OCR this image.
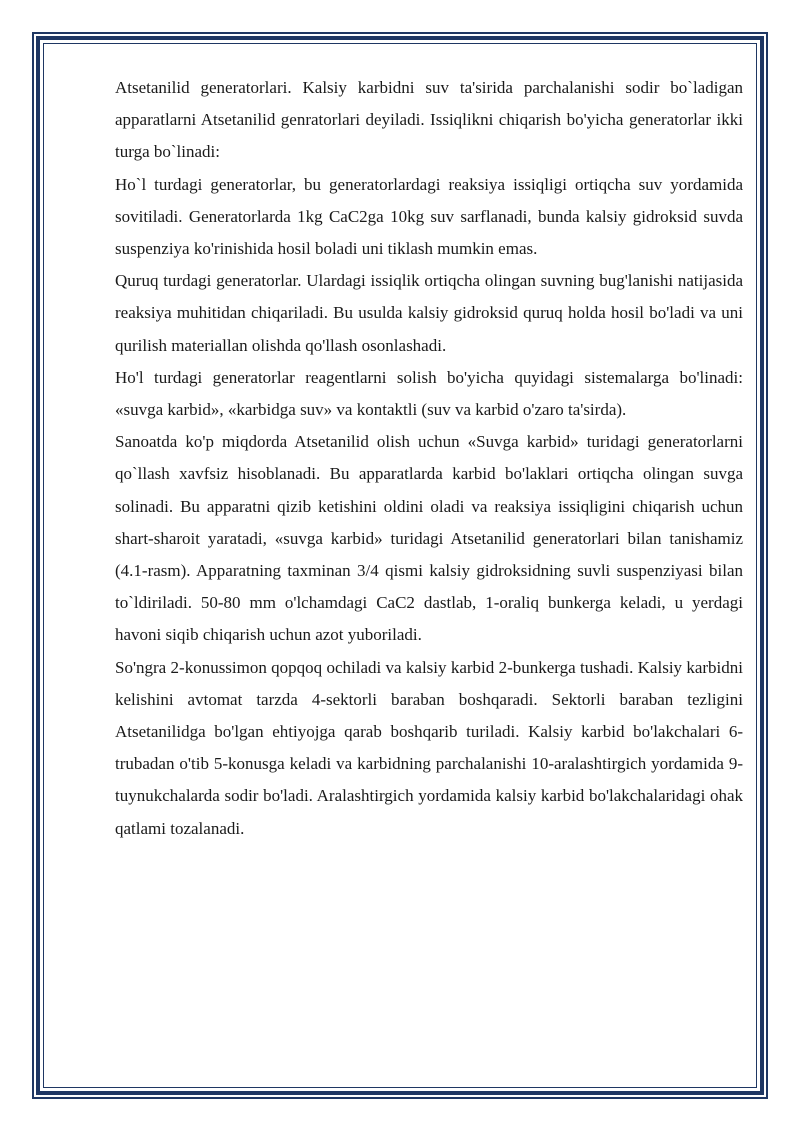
Atsetanilid generatorlari. Kalsiy karbidni suv ta'sirida parchalanishi sodir bo`ladigan apparatlarni Atsetanilid genratorlari deyiladi. Issiqlikni chiqarish bo'yicha generatorlar ikki turga bo`linadi:

Ho`l turdagi generatorlar, bu generatorlardagi reaksiya issiqligi ortiqcha suv yordamida sovitiladi. Generatorlarda 1kg CaC2ga 10kg suv sarflanadi, bunda kalsiy gidroksid suvda suspenziya ko'rinishida hosil boladi uni tiklash mumkin emas.

Quruq turdagi generatorlar. Ulardagi issiqlik ortiqcha olingan suvning bug'lanishi natijasida reaksiya muhitidan chiqariladi. Bu usulda kalsiy gidroksid quruq holda hosil bo'ladi va uni qurilish materiallan olishda qo'llash osonlashadi.

Ho'l turdagi generatorlar reagentlarni solish bo'yicha quyidagi sistemalarga bo'linadi: «suvga karbid», «karbidga suv» va kontaktli (suv va karbid o'zaro ta'sirda).

Sanoatda ko'p miqdorda Atsetanilid olish uchun «Suvga karbid» turidagi generatorlarni qo`llash xavfsiz hisoblanadi. Bu apparatlarda karbid bo'laklari ortiqcha olingan suvga solinadi. Bu apparatni qizib ketishini oldini oladi va reaksiya issiqligini chiqarish uchun shart-sharoit yaratadi, «suvga karbid» turidagi Atsetanilid generatorlari bilan tanishamiz (4.1-rasm). Apparatning taxminan 3/4 qismi kalsiy gidroksidning suvli suspenziyasi bilan to`ldiriladi. 50-80 mm o'lchamdagi CaC2 dastlab, 1-oraliq bunkerga keladi, u yerdagi havoni siqib chiqarish uchun azot yuboriladi.

So'ngra 2-konussimon qopqoq ochiladi va kalsiy karbid 2-bunkerga tushadi. Kalsiy karbidni kelishini avtomat tarzda 4-sektorli baraban boshqaradi. Sektorli baraban tezligini Atsetanilidga bo'lgan ehtiyojga qarab boshqarib turiladi. Kalsiy karbid bo'lakchalari 6-trubadan o'tib 5-konusga keladi va karbidning parchalanishi 10-aralashtirgich yordamida 9-tuynukchalarda sodir bo'ladi. Aralashtirgich yordamida kalsiy karbid bo'lakchalaridagi ohak qatlami tozalanadi.
